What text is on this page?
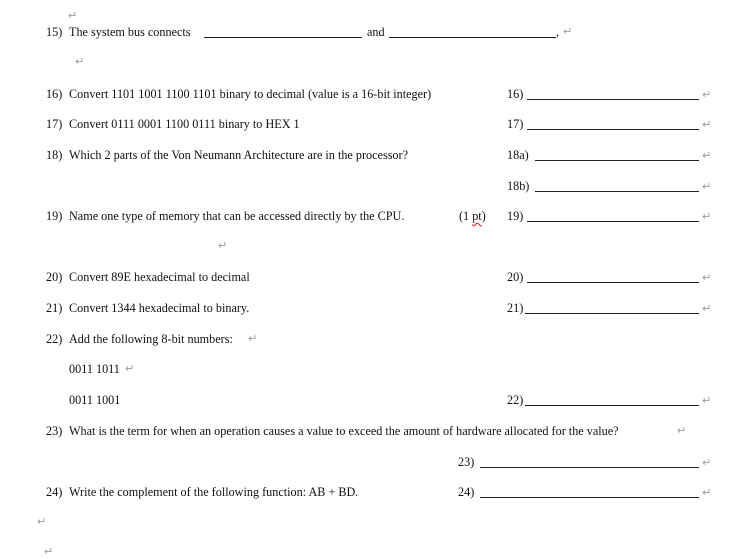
↵
↵
↵
↵
↵
15) The system bus connects	and	, ↵
16) Convert 1101 1001 1100 1101 binary to decimal (value is a 16-bit integer)	16)	↵
17) Convert 0111 0001 1100 0111 binary to HEX 1	17)	↵
18) Which 2 parts of the Von Neumann Architecture are in the processor?	18a)	↵
18b)	↵
19) Name one type of memory that can be accessed directly by the CPU.	(1 pt) 19)	↵
20) Convert 89E hexadecimal to decimal	20)	↵
21) Convert 1344 hexadecimal to binary.	21)	↵
22) Add the following 8-bit numbers: ↵
0011 1011 ↵
0011 1001	22)	↵
23) What is the term for when an operation causes a value to exceed the amount of hardware allocated for the value?	↵
23)	↵
24) Write the complement of the following function: AB + BD.	24)	↵
